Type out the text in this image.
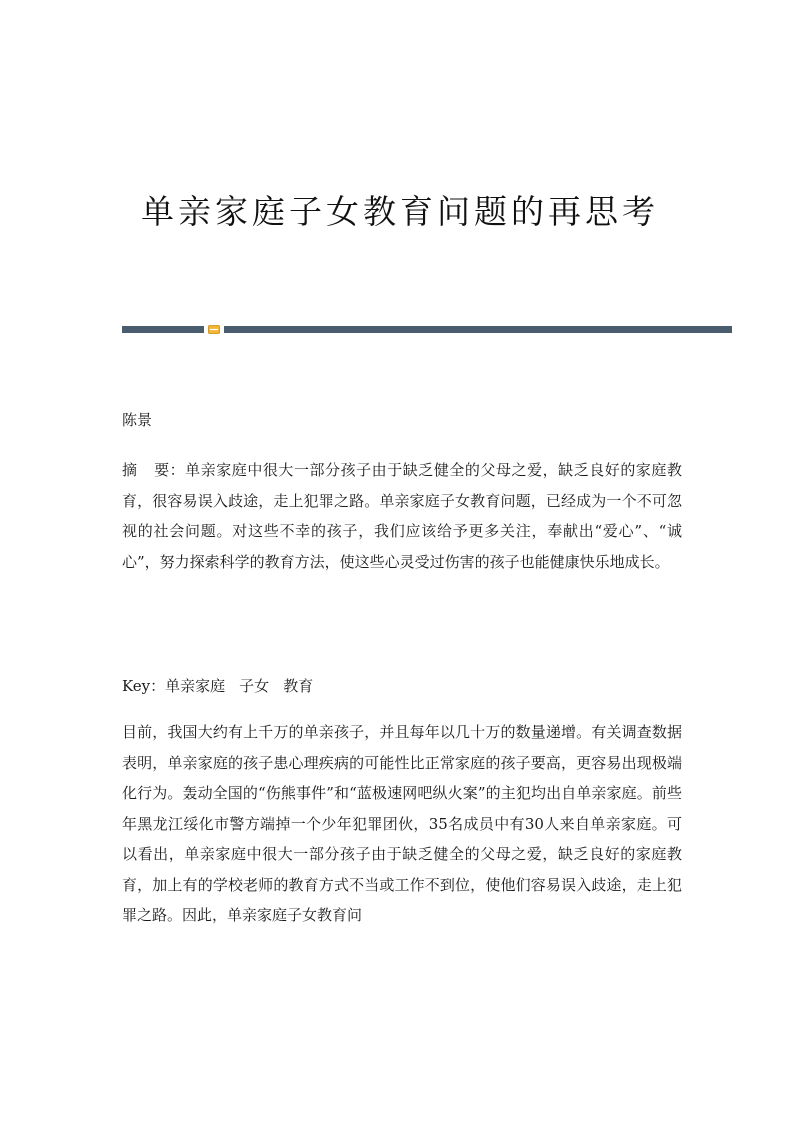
单亲家庭子女教育问题的再思考

陈景

摘 要：单亲家庭中很大一部分孩子由于缺乏健全的父母之爱，缺乏良好的家庭教育，很容易误入歧途，走上犯罪之路。单亲家庭子女教育问题，已经成为一个不可忽视的社会问题。对这些不幸的孩子，我们应该给予更多关注，奉献出“爱心”、“诚心”，努力探索科学的教育方法，使这些心灵受过伤害的孩子也能健康快乐地成长。

Key：单亲家庭 子女 教育

目前，我国大约有上千万的单亲孩子，并且每年以几十万的数量递增。有关调查数据表明，单亲家庭的孩子患心理疾病的可能性比正常家庭的孩子要高，更容易出现极端化行为。轰动全国的“伤熊事件”和“蓝极速网吧纵火案”的主犯均出自单亲家庭。前些年黑龙江绥化市警方端掉一个少年犯罪团伙，35名成员中有30人来自单亲家庭。可以看出，单亲家庭中很大一部分孩子由于缺乏健全的父母之爱，缺乏良好的家庭教育，加上有的学校老师的教育方式不当或工作不到位，使他们容易误入歧途，走上犯罪之路。因此，单亲家庭子女教育问
